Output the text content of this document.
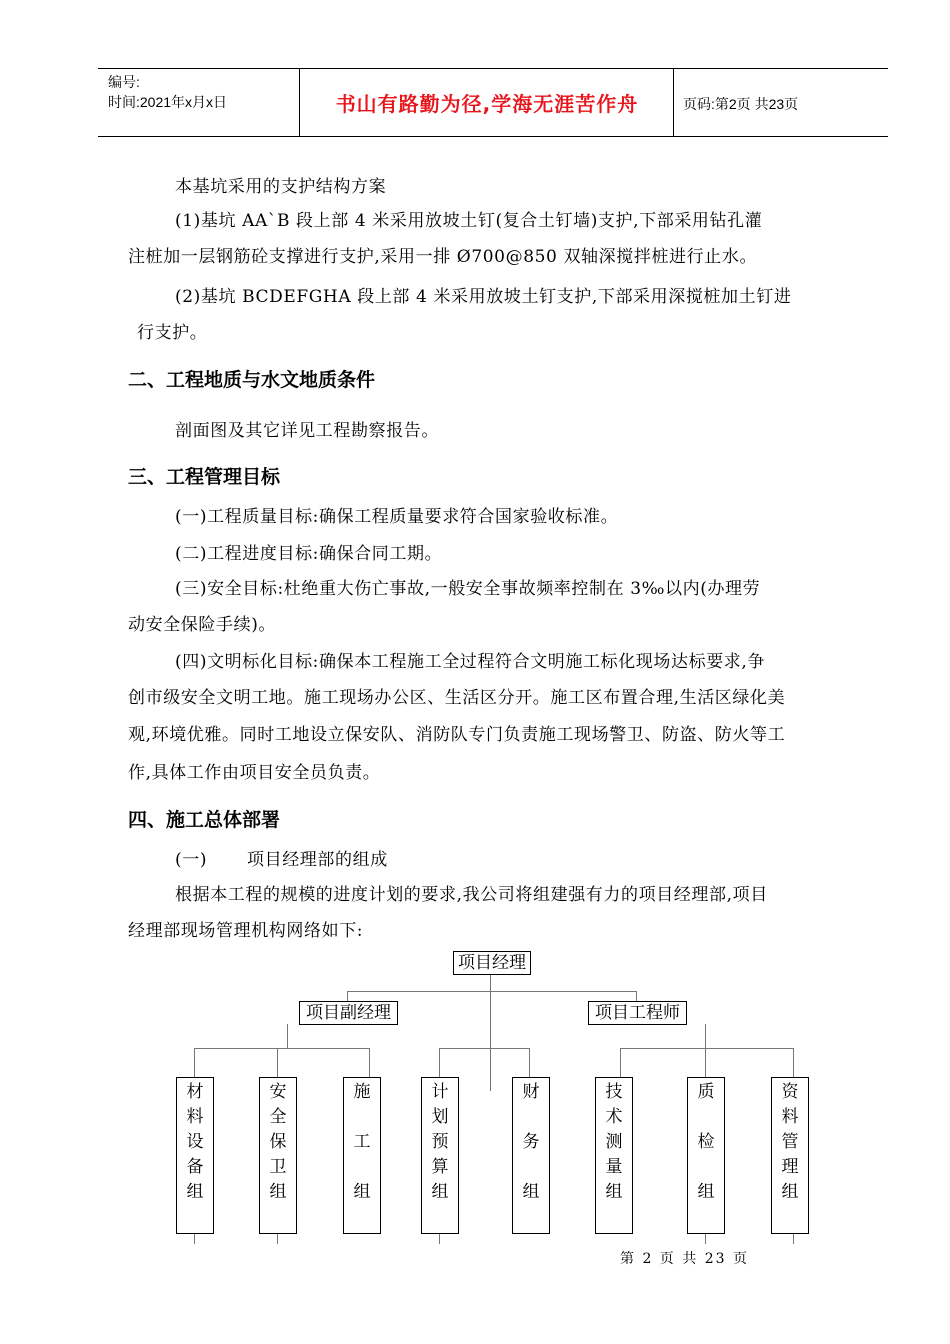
编号:
时间:2021年x月x日	书山有路勤为径,学海无涯苦作舟	页码:第2页 共23页
本基坑采用的支护结构方案
(1)基坑 AA`B 段上部 4 米采用放坡土钉(复合土钉墙)支护,下部采用钻孔灌
注桩加一层钢筋砼支撑进行支护,采用一排 Ø700@850 双轴深搅拌桩进行止水。
(2)基坑 BCDEFGHA 段上部 4 米采用放坡土钉支护,下部采用深搅桩加土钉进
行支护。
二、工程地质与水文地质条件
剖面图及其它详见工程勘察报告。
三、工程管理目标
(一)工程质量目标:确保工程质量要求符合国家验收标准。
(二)工程进度目标:确保合同工期。
(三)安全目标:杜绝重大伤亡事故,一般安全事故频率控制在 3‰以内(办理劳
动安全保险手续)。
(四)文明标化目标:确保本工程施工全过程符合文明施工标化现场达标要求,争
创市级安全文明工地。施工现场办公区、生活区分开。施工区布置合理,生活区绿化美
观,环境优雅。同时工地设立保安队、消防队专门负责施工现场警卫、防盗、防火等工
作,具体工作由项目安全员负责。
四、施工总体部署
(一) 项目经理部的组成
根据本工程的规模的进度计划的要求,我公司将组建强有力的项目经理部,项目
经理部现场管理机构网络如下:
项目经理
项目副经理	项目工程师
材
料
设
备
组
安
全
保
卫
组
施
工
组
计
划
预
算
组
财
务
组
技
术
测
量
组
质
检
组
资
料
管
理
组
第 2 页 共 23 页
